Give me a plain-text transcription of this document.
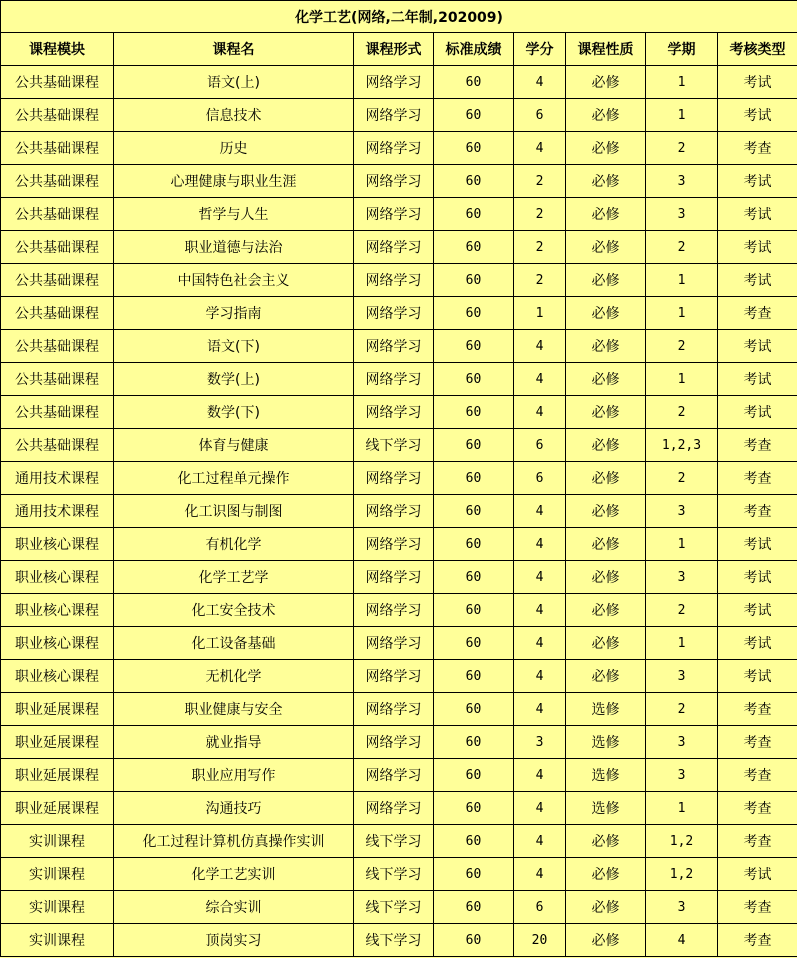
化学工艺(网络,二年制,202009)							
课程模块	课程名	课程形式	标准成绩	学分	课程性质	学期	考核类型
公共基础课程	语文(上)	网络学习	60	4	必修	1	考试
公共基础课程	信息技术	网络学习	60	6	必修	1	考试
公共基础课程	历史	网络学习	60	4	必修	2	考查
公共基础课程	心理健康与职业生涯	网络学习	60	2	必修	3	考试
公共基础课程	哲学与人生	网络学习	60	2	必修	3	考试
公共基础课程	职业道德与法治	网络学习	60	2	必修	2	考试
公共基础课程	中国特色社会主义	网络学习	60	2	必修	1	考试
公共基础课程	学习指南	网络学习	60	1	必修	1	考查
公共基础课程	语文(下)	网络学习	60	4	必修	2	考试
公共基础课程	数学(上)	网络学习	60	4	必修	1	考试
公共基础课程	数学(下)	网络学习	60	4	必修	2	考试
公共基础课程	体育与健康	线下学习	60	6	必修	1,2,3	考查
通用技术课程	化工过程单元操作	网络学习	60	6	必修	2	考查
通用技术课程	化工识图与制图	网络学习	60	4	必修	3	考查
职业核心课程	有机化学	网络学习	60	4	必修	1	考试
职业核心课程	化学工艺学	网络学习	60	4	必修	3	考试
职业核心课程	化工安全技术	网络学习	60	4	必修	2	考试
职业核心课程	化工设备基础	网络学习	60	4	必修	1	考试
职业核心课程	无机化学	网络学习	60	4	必修	3	考试
职业延展课程	职业健康与安全	网络学习	60	4	选修	2	考查
职业延展课程	就业指导	网络学习	60	3	选修	3	考查
职业延展课程	职业应用写作	网络学习	60	4	选修	3	考查
职业延展课程	沟通技巧	网络学习	60	4	选修	1	考查
实训课程	化工过程计算机仿真操作实训	线下学习	60	4	必修	1,2	考查
实训课程	化学工艺实训	线下学习	60	4	必修	1,2	考试
实训课程	综合实训	线下学习	60	6	必修	3	考查
实训课程	顶岗实习	线下学习	60	20	必修	4	考查
